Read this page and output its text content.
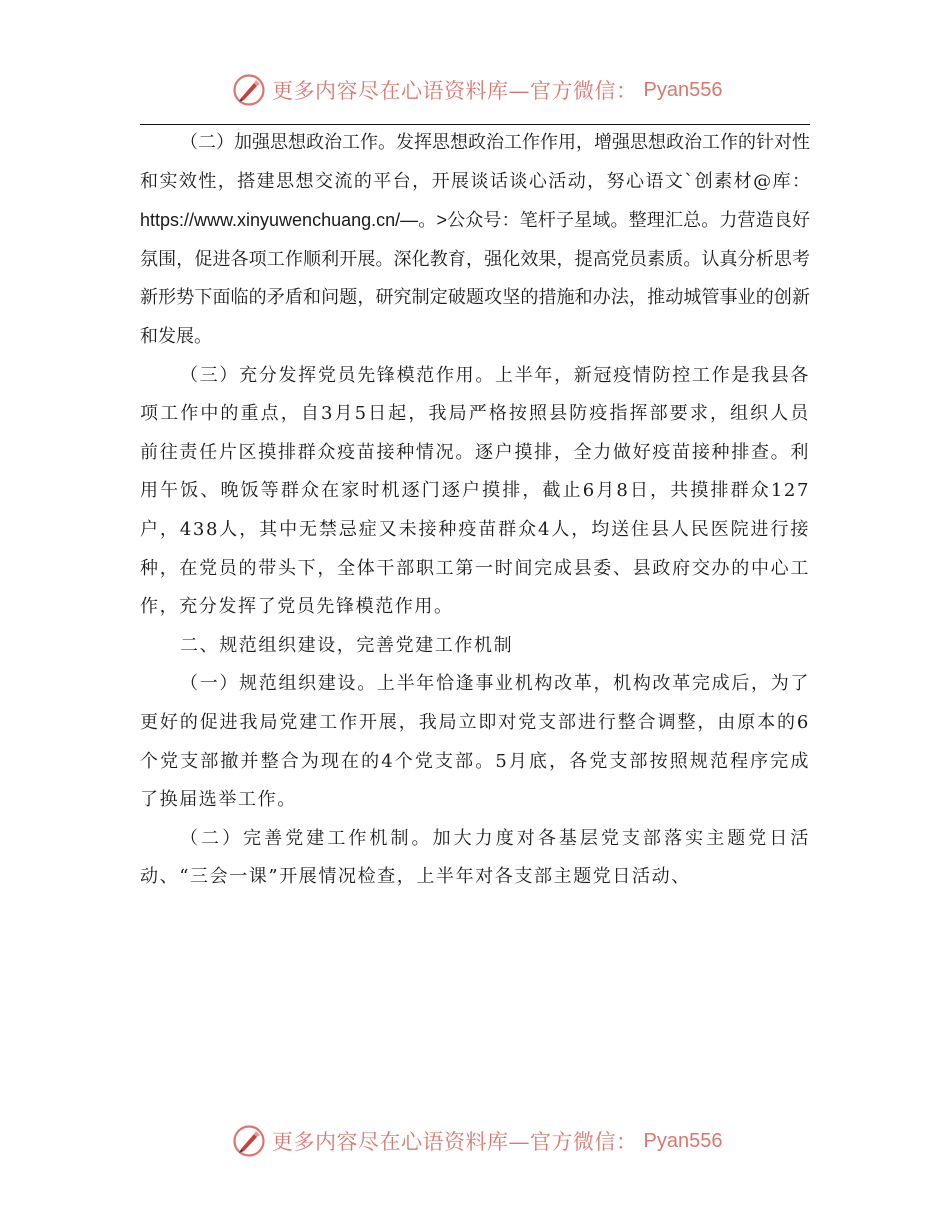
更多内容尽在心语资料库—官方微信： Pyan556

（二）加强思想政治工作。发挥思想政治工作作用，增强思想政治工作的针对性和实效性，搭建思想交流的平台，开展谈话谈心活动，努心语文`创素材@库：https://www.xinyuwenchuang.cn/—。>公众号：笔杆子星域。整理汇总。力营造良好氛围，促进各项工作顺利开展。深化教育，强化效果，提高党员素质。认真分析思考新形势下面临的矛盾和问题，研究制定破题攻坚的措施和办法，推动城管事业的创新和发展。

（三）充分发挥党员先锋模范作用。上半年，新冠疫情防控工作是我县各项工作中的重点，自3月5日起，我局严格按照县防疫指挥部要求，组织人员前往责任片区摸排群众疫苗接种情况。逐户摸排，全力做好疫苗接种排查。利用午饭、晚饭等群众在家时机逐门逐户摸排，截止6月8日，共摸排群众127户，438人，其中无禁忌症又未接种疫苗群众4人，均送住县人民医院进行接种，在党员的带头下，全体干部职工第一时间完成县委、县政府交办的中心工作，充分发挥了党员先锋模范作用。

二、规范组织建设，完善党建工作机制

（一）规范组织建设。上半年恰逢事业机构改革，机构改革完成后，为了更好的促进我局党建工作开展，我局立即对党支部进行整合调整，由原本的6个党支部撤并整合为现在的4个党支部。5月底，各党支部按照规范程序完成了换届选举工作。

（二）完善党建工作机制。加大力度对各基层党支部落实主题党日活动、“三会一课”开展情况检查，上半年对各支部主题党日活动、

更多内容尽在心语资料库—官方微信： Pyan556
